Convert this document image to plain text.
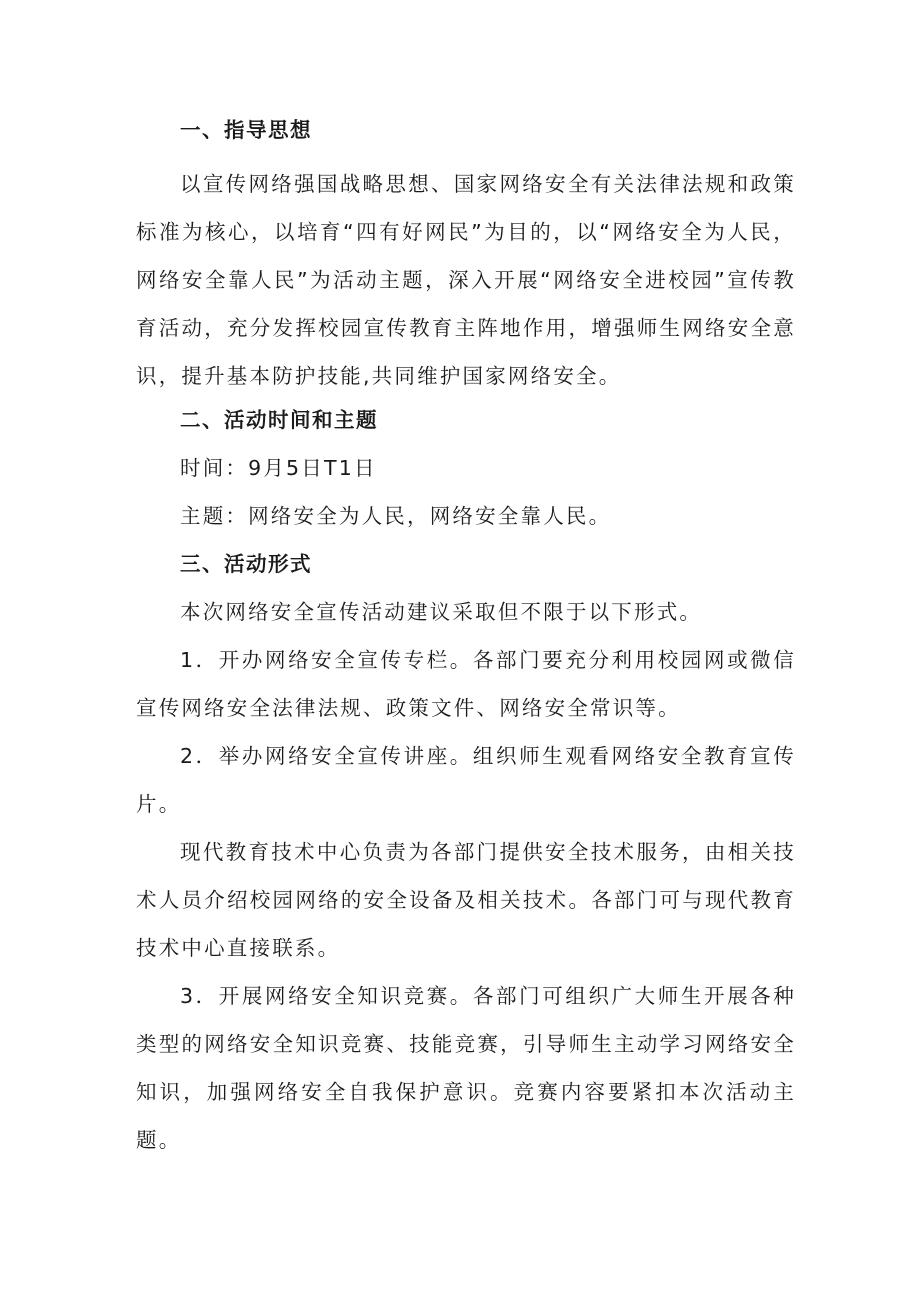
一、指导思想

以宣传网络强国战略思想、国家网络安全有关法律法规和政策标准为核心，以培育“四有好网民”为目的，以“网络安全为人民，网络安全靠人民”为活动主题，深入开展“网络安全进校园”宣传教育活动，充分发挥校园宣传教育主阵地作用，增强师生网络安全意识，提升基本防护技能,共同维护国家网络安全。

二、活动时间和主题

时间：9月5日T1日

主题：网络安全为人民，网络安全靠人民。

三、活动形式

本次网络安全宣传活动建议采取但不限于以下形式。

1．开办网络安全宣传专栏。各部门要充分利用校园网或微信宣传网络安全法律法规、政策文件、网络安全常识等。

2．举办网络安全宣传讲座。组织师生观看网络安全教育宣传片。

现代教育技术中心负责为各部门提供安全技术服务，由相关技术人员介绍校园网络的安全设备及相关技术。各部门可与现代教育技术中心直接联系。

3．开展网络安全知识竞赛。各部门可组织广大师生开展各种类型的网络安全知识竞赛、技能竞赛，引导师生主动学习网络安全知识，加强网络安全自我保护意识。竞赛内容要紧扣本次活动主题。
